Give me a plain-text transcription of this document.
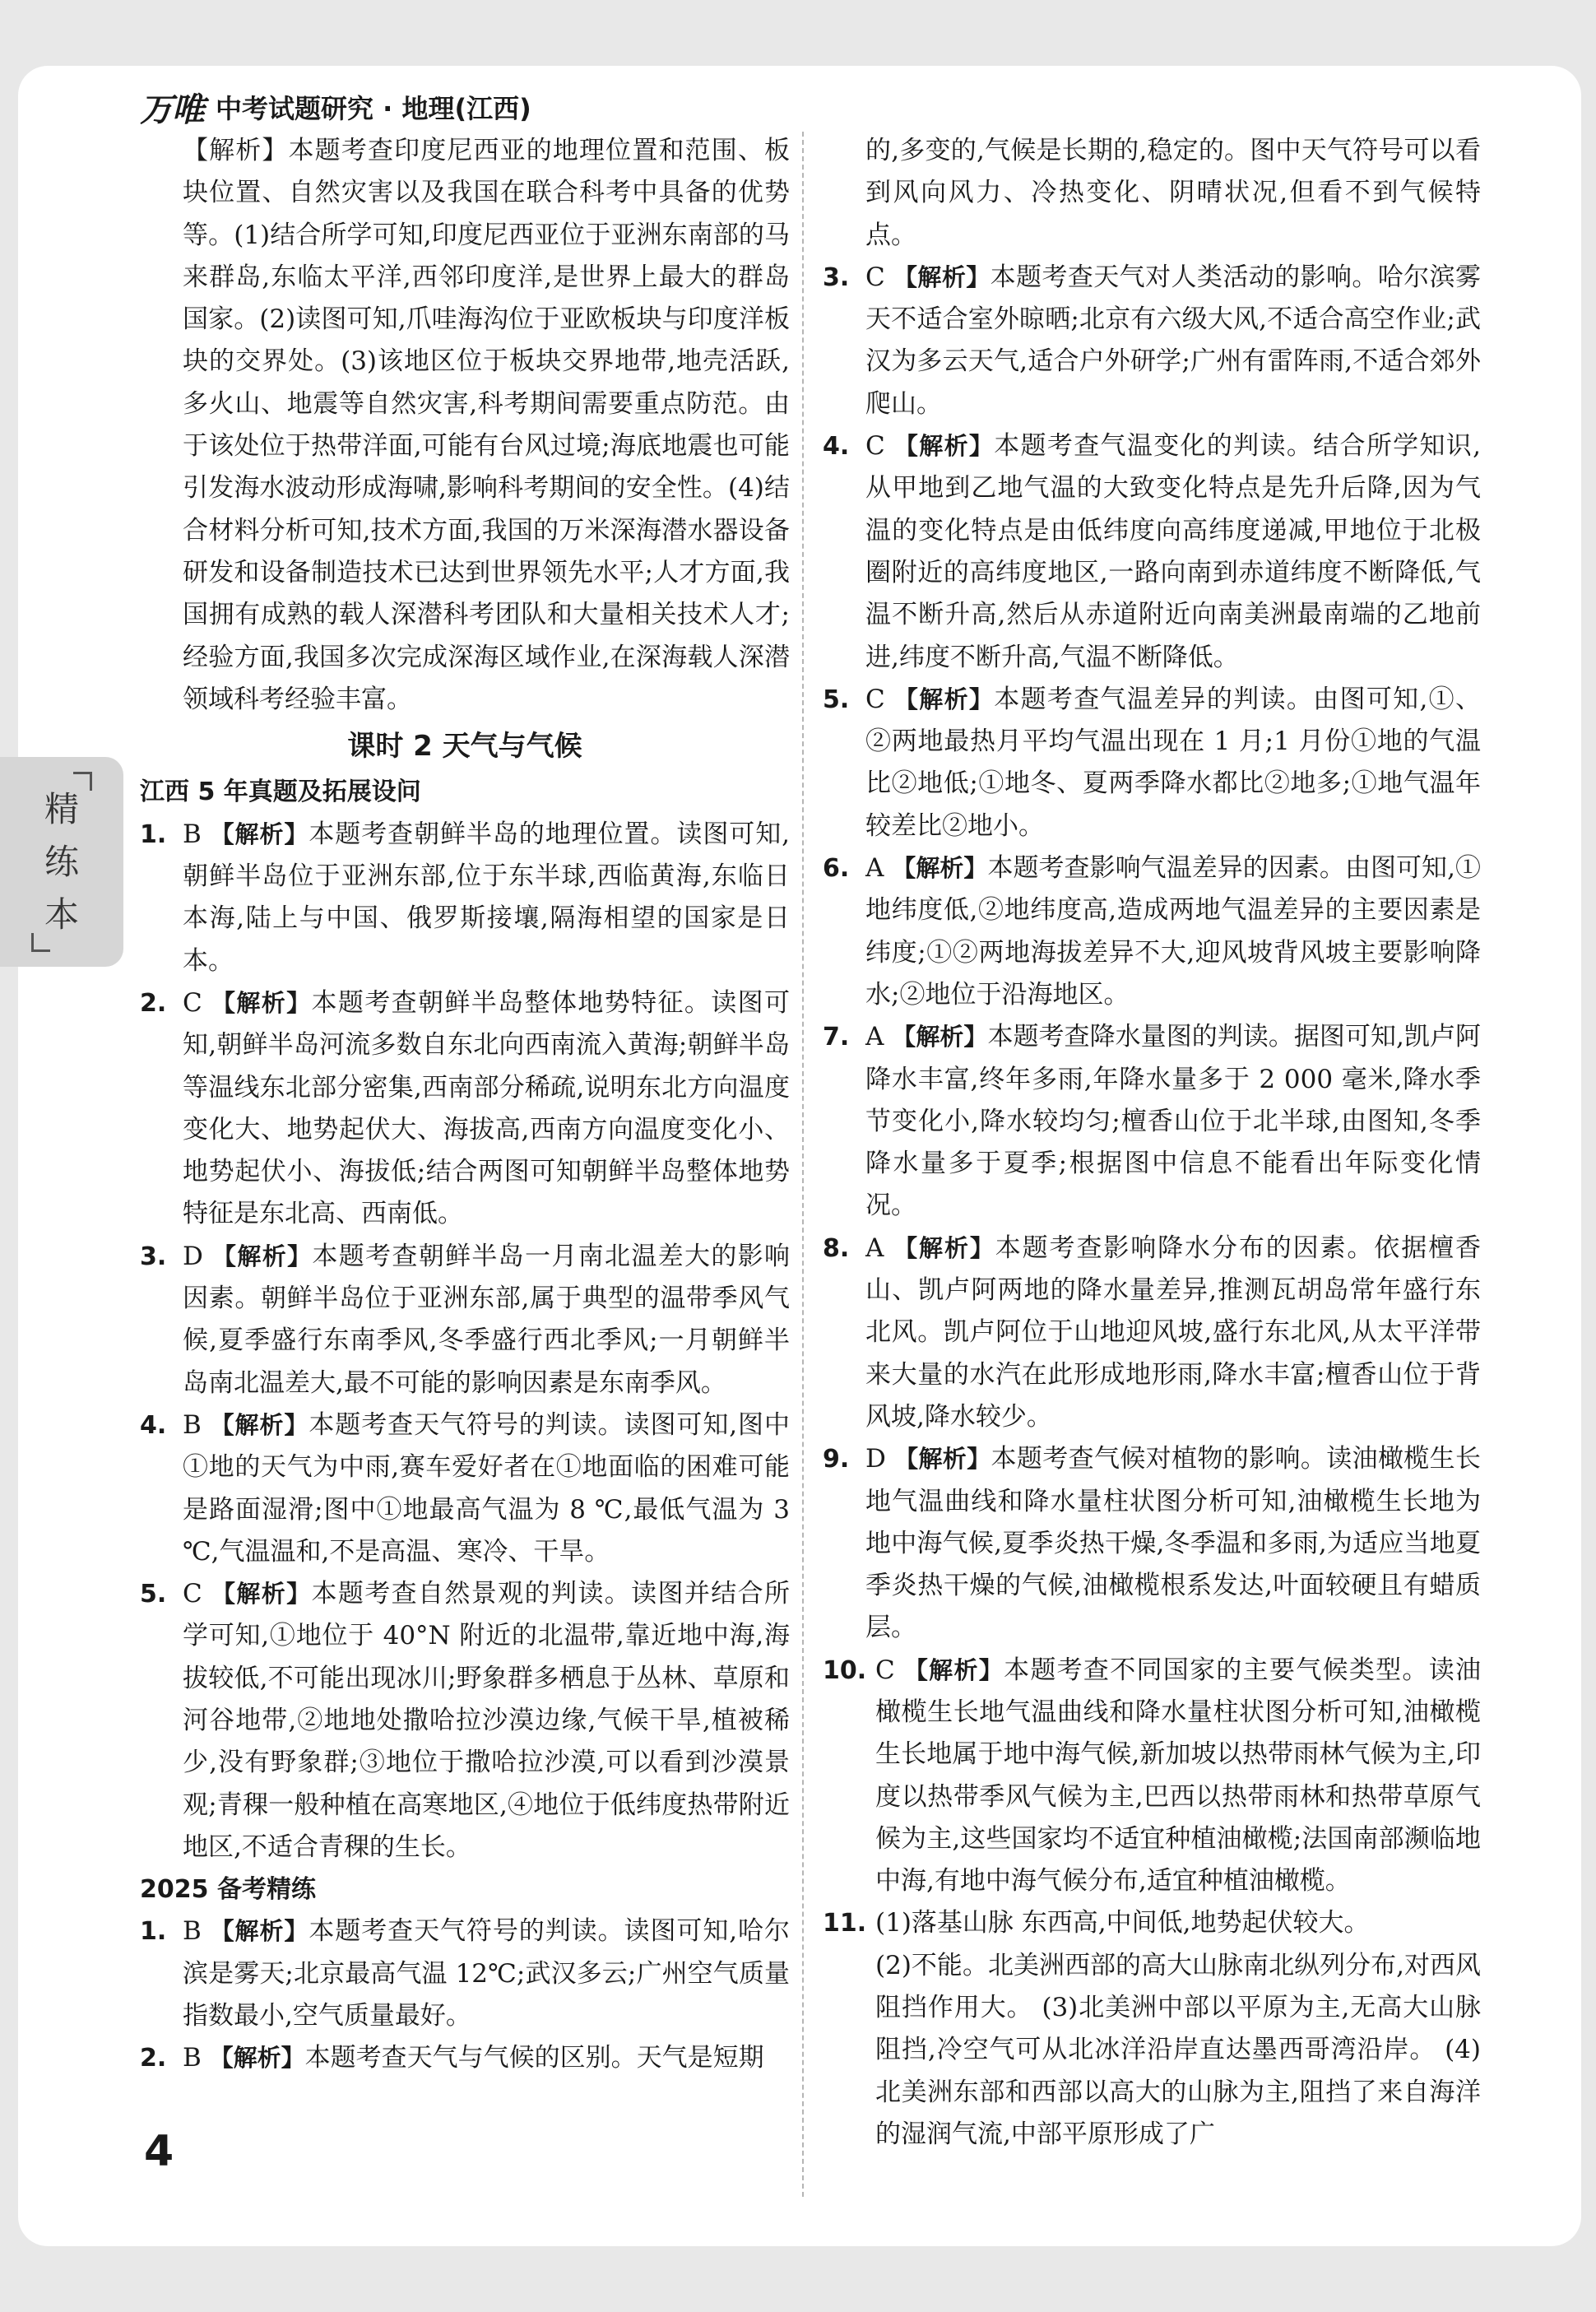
万唯 中考试题研究 · 地理(江西)
精
练
本

【解析】本题考查印度尼西亚的地理位置和范围、板块位置、自然灾害以及我国在联合科考中具备的优势等。(1)结合所学可知,印度尼西亚位于亚洲东南部的马来群岛,东临太平洋,西邻印度洋,是世界上最大的群岛国家。(2)读图可知,爪哇海沟位于亚欧板块与印度洋板块的交界处。(3)该地区位于板块交界地带,地壳活跃,多火山、地震等自然灾害,科考期间需要重点防范。由于该处位于热带洋面,可能有台风过境;海底地震也可能引发海水波动形成海啸,影响科考期间的安全性。(4)结合材料分析可知,技术方面,我国的万米深海潜水器设备研发和设备制造技术已达到世界领先水平;人才方面,我国拥有成熟的载人深潜科考团队和大量相关技术人才;经验方面,我国多次完成深海区域作业,在深海载人深潜领域科考经验丰富。

课时 2 天气与气候

江西 5 年真题及拓展设问

1. B 【解析】本题考查朝鲜半岛的地理位置。读图可知,朝鲜半岛位于亚洲东部,位于东半球,西临黄海,东临日本海,陆上与中国、俄罗斯接壤,隔海相望的国家是日本。

2. C 【解析】本题考查朝鲜半岛整体地势特征。读图可知,朝鲜半岛河流多数自东北向西南流入黄海;朝鲜半岛等温线东北部分密集,西南部分稀疏,说明东北方向温度变化大、地势起伏大、海拔高,西南方向温度变化小、地势起伏小、海拔低;结合两图可知朝鲜半岛整体地势特征是东北高、西南低。

3. D 【解析】本题考查朝鲜半岛一月南北温差大的影响因素。朝鲜半岛位于亚洲东部,属于典型的温带季风气候,夏季盛行东南季风,冬季盛行西北季风;一月朝鲜半岛南北温差大,最不可能的影响因素是东南季风。

4. B 【解析】本题考查天气符号的判读。读图可知,图中①地的天气为中雨,赛车爱好者在①地面临的困难可能是路面湿滑;图中①地最高气温为 8 ℃,最低气温为 3 ℃,气温温和,不是高温、寒冷、干旱。

5. C 【解析】本题考查自然景观的判读。读图并结合所学可知,①地位于 40°N 附近的北温带,靠近地中海,海拔较低,不可能出现冰川;野象群多栖息于丛林、草原和河谷地带,②地地处撒哈拉沙漠边缘,气候干旱,植被稀少,没有野象群;③地位于撒哈拉沙漠,可以看到沙漠景观;青稞一般种植在高寒地区,④地位于低纬度热带附近地区,不适合青稞的生长。

2025 备考精练

1. B 【解析】本题考查天气符号的判读。读图可知,哈尔滨是雾天;北京最高气温 12℃;武汉多云;广州空气质量指数最小,空气质量最好。

2. B 【解析】本题考查天气与气候的区别。天气是短期

的,多变的,气候是长期的,稳定的。图中天气符号可以看到风向风力、冷热变化、阴晴状况,但看不到气候特点。

3. C 【解析】本题考查天气对人类活动的影响。哈尔滨雾天不适合室外晾晒;北京有六级大风,不适合高空作业;武汉为多云天气,适合户外研学;广州有雷阵雨,不适合郊外爬山。

4. C 【解析】本题考查气温变化的判读。结合所学知识,从甲地到乙地气温的大致变化特点是先升后降,因为气温的变化特点是由低纬度向高纬度递减,甲地位于北极圈附近的高纬度地区,一路向南到赤道纬度不断降低,气温不断升高,然后从赤道附近向南美洲最南端的乙地前进,纬度不断升高,气温不断降低。

5. C 【解析】本题考查气温差异的判读。由图可知,①、②两地最热月平均气温出现在 1 月;1 月份①地的气温比②地低;①地冬、夏两季降水都比②地多;①地气温年较差比②地小。

6. A 【解析】本题考查影响气温差异的因素。由图可知,①地纬度低,②地纬度高,造成两地气温差异的主要因素是纬度;①②两地海拔差异不大,迎风坡背风坡主要影响降水;②地位于沿海地区。

7. A 【解析】本题考查降水量图的判读。据图可知,凯卢阿降水丰富,终年多雨,年降水量多于 2 000 毫米,降水季节变化小,降水较均匀;檀香山位于北半球,由图知,冬季降水量多于夏季;根据图中信息不能看出年际变化情况。

8. A 【解析】本题考查影响降水分布的因素。依据檀香山、凯卢阿两地的降水量差异,推测瓦胡岛常年盛行东北风。凯卢阿位于山地迎风坡,盛行东北风,从太平洋带来大量的水汽在此形成地形雨,降水丰富;檀香山位于背风坡,降水较少。

9. D 【解析】本题考查气候对植物的影响。读油橄榄生长地气温曲线和降水量柱状图分析可知,油橄榄生长地为地中海气候,夏季炎热干燥,冬季温和多雨,为适应当地夏季炎热干燥的气候,油橄榄根系发达,叶面较硬且有蜡质层。

10. C 【解析】本题考查不同国家的主要气候类型。读油橄榄生长地气温曲线和降水量柱状图分析可知,油橄榄生长地属于地中海气候,新加坡以热带雨林气候为主,印度以热带季风气候为主,巴西以热带雨林和热带草原气候为主,这些国家均不适宜种植油橄榄;法国南部濒临地中海,有地中海气候分布,适宜种植油橄榄。

11. (1)落基山脉 东西高,中间低,地势起伏较大。

(2)不能。北美洲西部的高大山脉南北纵列分布,对西风阻挡作用大。 (3)北美洲中部以平原为主,无高大山脉阻挡,冷空气可从北冰洋沿岸直达墨西哥湾沿岸。 (4)北美洲东部和西部以高大的山脉为主,阻挡了来自海洋的湿润气流,中部平原形成了广

4
